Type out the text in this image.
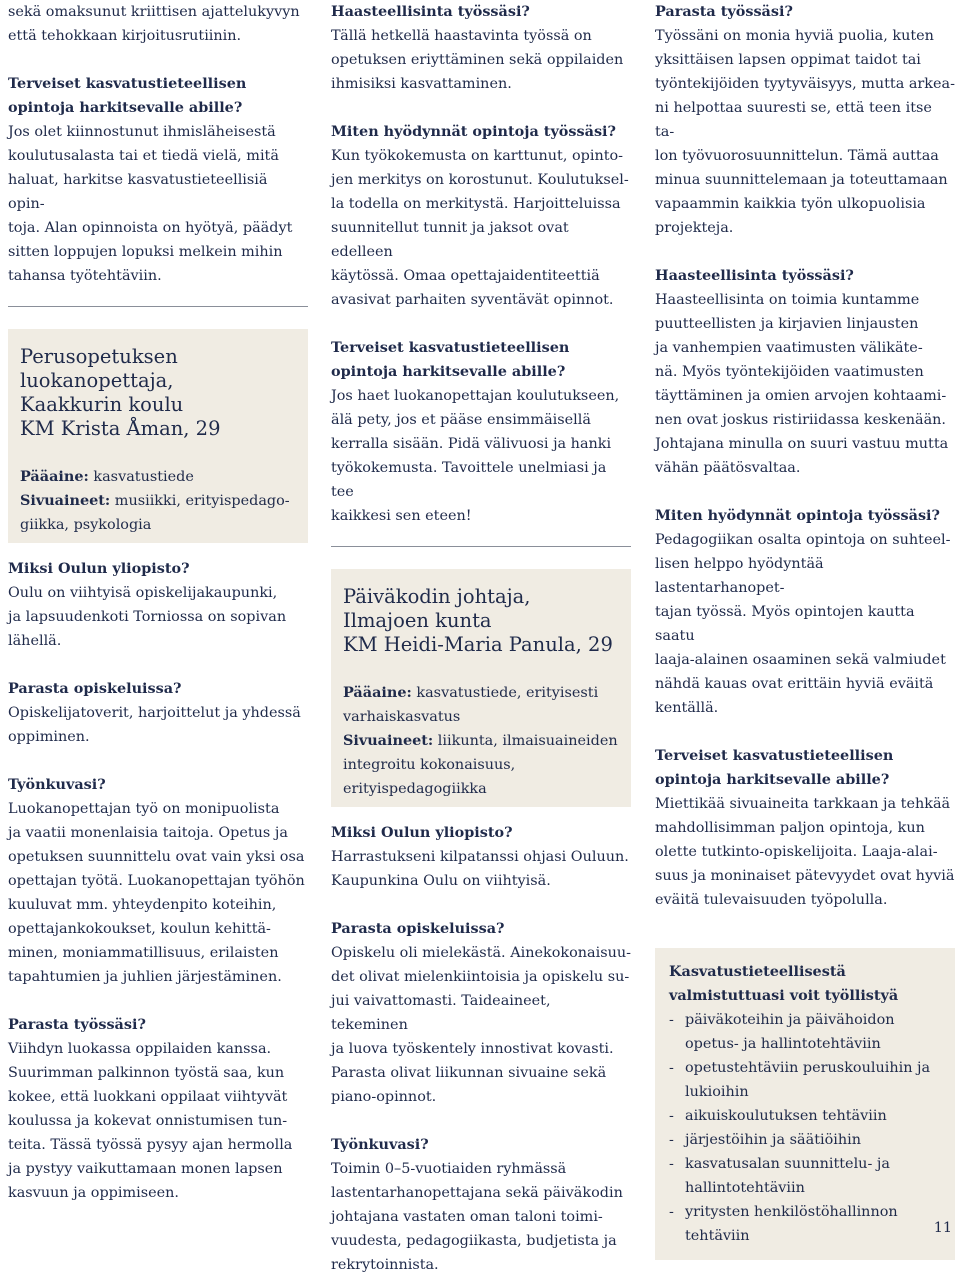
sekä omaksunut kriittisen ajattelukyvyn
että tehokkaan kirjoitusrutiinin.

Terveiset kasvatustieteellisen
opintoja harkitsevalle abille?

Jos olet kiinnostunut ihmisläheisestä
koulutusalasta tai et tiedä vielä, mitä
haluat, harkitse kasvatustieteellisiä opin-
toja. Alan opinnoista on hyötyä, päädyt
sitten loppujen lopuksi melkein mihin
tahansa työtehtäviin.

Perusopetuksen luokanopettaja,
Kaakkurin koulu
KM Krista Åman, 29

Pääaine: kasvatustiede

Sivuaineet: musiikki, erityispedago-
giikka, psykologia

Miksi Oulun yliopisto?

Oulu on viihtyisä opiskelijakaupunki,
ja lapsuudenkoti Torniossa on sopivan
lähellä.

Parasta opiskeluissa?

Opiskelijatoverit, harjoittelut ja yhdessä
oppiminen.

Työnkuvasi?

Luokanopettajan työ on monipuolista
ja vaatii monenlaisia taitoja. Opetus ja
opetuksen suunnittelu ovat vain yksi osa
opettajan työtä. Luokanopettajan työhön
kuuluvat mm. yhteydenpito koteihin,
opettajankokoukset, koulun kehittä-
minen, moniammatillisuus, erilaisten
tapahtumien ja juhlien järjestäminen.

Parasta työssäsi?

Viihdyn luokassa oppilaiden kanssa.
Suurimman palkinnon työstä saa, kun
kokee, että luokkani oppilaat viihtyvät
koulussa ja kokevat onnistumisen tun-
teita. Tässä työssä pysyy ajan hermolla
ja pystyy vaikuttamaan monen lapsen
kasvuun ja oppimiseen.

Haasteellisinta työssäsi?

Tällä hetkellä haastavinta työssä on
opetuksen eriyttäminen sekä oppilaiden
ihmisiksi kasvattaminen.

Miten hyödynnät opintoja työssäsi?

Kun työkokemusta on karttunut, opinto-
jen merkitys on korostunut. Koulutuksel-
la todella on merkitystä. Harjoitteluissa
suunnitellut tunnit ja jaksot ovat edelleen
käytössä. Omaa opettajaidentiteettiä
avasivat parhaiten syventävät opinnot.

Terveiset kasvatustieteellisen
opintoja harkitsevalle abille?

Jos haet luokanopettajan koulutukseen,
älä pety, jos et pääse ensimmäisellä
kerralla sisään. Pidä välivuosi ja hanki
työkokemusta. Tavoittele unelmiasi ja tee
kaikkesi sen eteen!

Päiväkodin johtaja,
Ilmajoen kunta
KM Heidi-Maria Panula, 29

Pääaine: kasvatustiede, erityisesti
varhaiskasvatus

Sivuaineet: liikunta, ilmaisuaineiden
integroitu kokonaisuus,
erityispedagogiikka

Miksi Oulun yliopisto?

Harrastukseni kilpatanssi ohjasi Ouluun.
Kaupunkina Oulu on viihtyisä.

Parasta opiskeluissa?

Opiskelu oli mielekästä. Ainekokonaisuu-
det olivat mielenkiintoisia ja opiskelu su-
jui vaivattomasti. Taideaineet, tekeminen
ja luova työskentely innostivat kovasti.
Parasta olivat liikunnan sivuaine sekä
piano-opinnot.

Työnkuvasi?

Toimin 0–5-vuotiaiden ryhmässä
lastentarhanopettajana sekä päiväkodin
johtajana vastaten oman taloni toimi-
vuudesta, pedagogiikasta, budjetista ja
rekrytoinnista.

Parasta työssäsi?

Työssäni on monia hyviä puolia, kuten
yksittäisen lapsen oppimat taidot tai
työntekijöiden tyytyväisyys, mutta arkea-
ni helpottaa suuresti se, että teen itse ta-
lon työvuorosuunnittelun. Tämä auttaa
minua suunnittelemaan ja toteuttamaan
vapaammin kaikkia työn ulkopuolisia
projekteja.

Haasteellisinta työssäsi?

Haasteellisinta on toimia kuntamme
puutteellisten ja kirjavien linjausten
ja vanhempien vaatimusten välikäte-
nä. Myös työntekijöiden vaatimusten
täyttäminen ja omien arvojen kohtaami-
nen ovat joskus ristiriidassa keskenään.
Johtajana minulla on suuri vastuu mutta
vähän päätösvaltaa.

Miten hyödynnät opintoja työssäsi?

Pedagogiikan osalta opintoja on suhteel-
lisen helppo hyödyntää lastentarhanopet-
tajan työssä. Myös opintojen kautta saatu
laaja-alainen osaaminen sekä valmiudet
nähdä kauas ovat erittäin hyviä eväitä
kentällä.

Terveiset kasvatustieteellisen
opintoja harkitsevalle abille?

Miettikää sivuaineita tarkkaan ja tehkää
mahdollisimman paljon opintoja, kun
olette tutkinto-opiskelijoita. Laaja-alai-
suus ja moninaiset pätevyydet ovat hyviä
eväitä tulevaisuuden työpolulla.

Kasvatustieteellisestä
valmistuttuasi voit työllistyä

- päiväkoteihin ja päivähoidon
opetus- ja hallintotehtäviin
- opetustehtäviin peruskouluihin ja
lukioihin
- aikuiskoulutuksen tehtäviin
- järjestöihin ja säätiöihin
- kasvatusalan suunnittelu- ja
hallintotehtäviin
- yritysten henkilöstöhallinnon
tehtäviin	11
